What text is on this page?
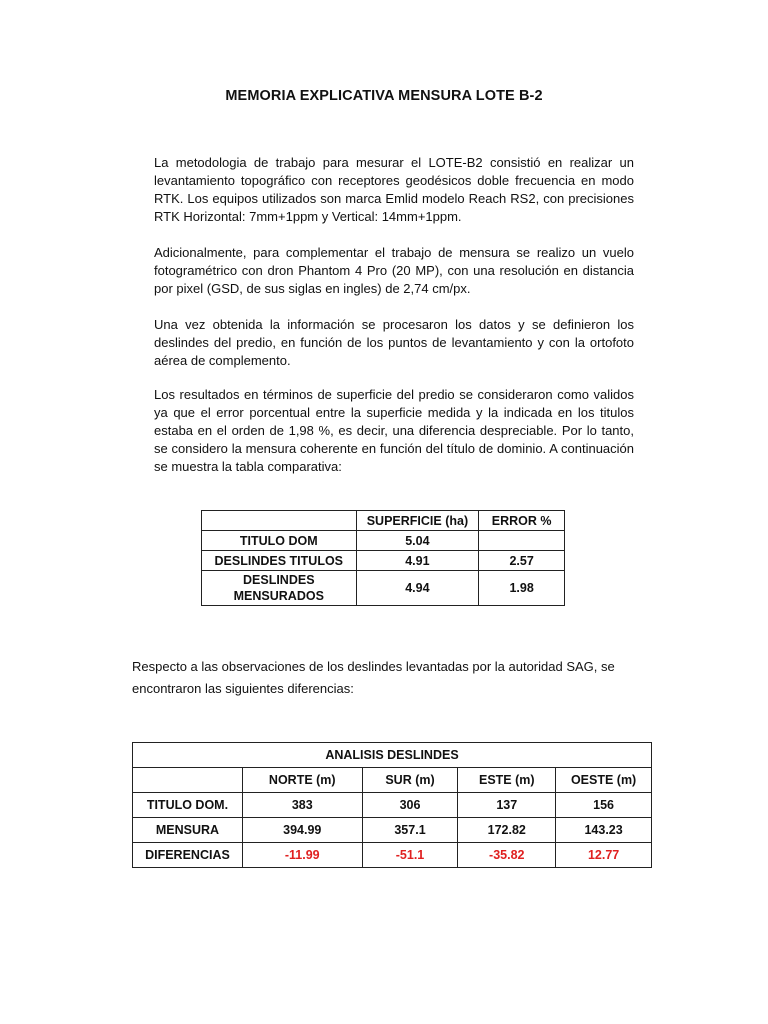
MEMORIA EXPLICATIVA MENSURA LOTE B-2

La metodologia de trabajo para mesurar el LOTE-B2 consistió en realizar un levantamiento topográfico con receptores geodésicos doble frecuencia en modo RTK. Los equipos utilizados son marca Emlid modelo Reach RS2, con precisiones RTK Horizontal: 7mm+1ppm y Vertical: 14mm+1ppm.

Adicionalmente, para complementar el trabajo de mensura se realizo un vuelo fotogramétrico con dron Phantom 4 Pro (20 MP), con una resolución en distancia por pixel (GSD, de sus siglas en ingles) de 2,74 cm/px.

Una vez obtenida la información se procesaron los datos y se definieron los deslindes del predio, en función de los puntos de levantamiento y con la ortofoto aérea de complemento.

Los resultados en términos de superficie del predio se consideraron como validos ya que el error porcentual entre la superficie medida y la indicada en los titulos estaba en el orden de 1,98 %, es decir, una diferencia despreciable. Por lo tanto, se considero la mensura coherente en función del título de dominio. A continuación se muestra la tabla comparativa:

	SUPERFICIE (ha)	ERROR %
TITULO DOM	5.04	
DESLINDES TITULOS	4.91	2.57
DESLINDES MENSURADOS	4.94	1.98

Respecto a las observaciones de los deslindes levantadas por la autoridad SAG, se encontraron las siguientes diferencias:

ANALISIS DESLINDES				
	NORTE (m)	SUR (m)	ESTE (m)	OESTE (m)
TITULO DOM.	383	306	137	156
MENSURA	394.99	357.1	172.82	143.23
DIFERENCIAS	-11.99	-51.1	-35.82	12.77
